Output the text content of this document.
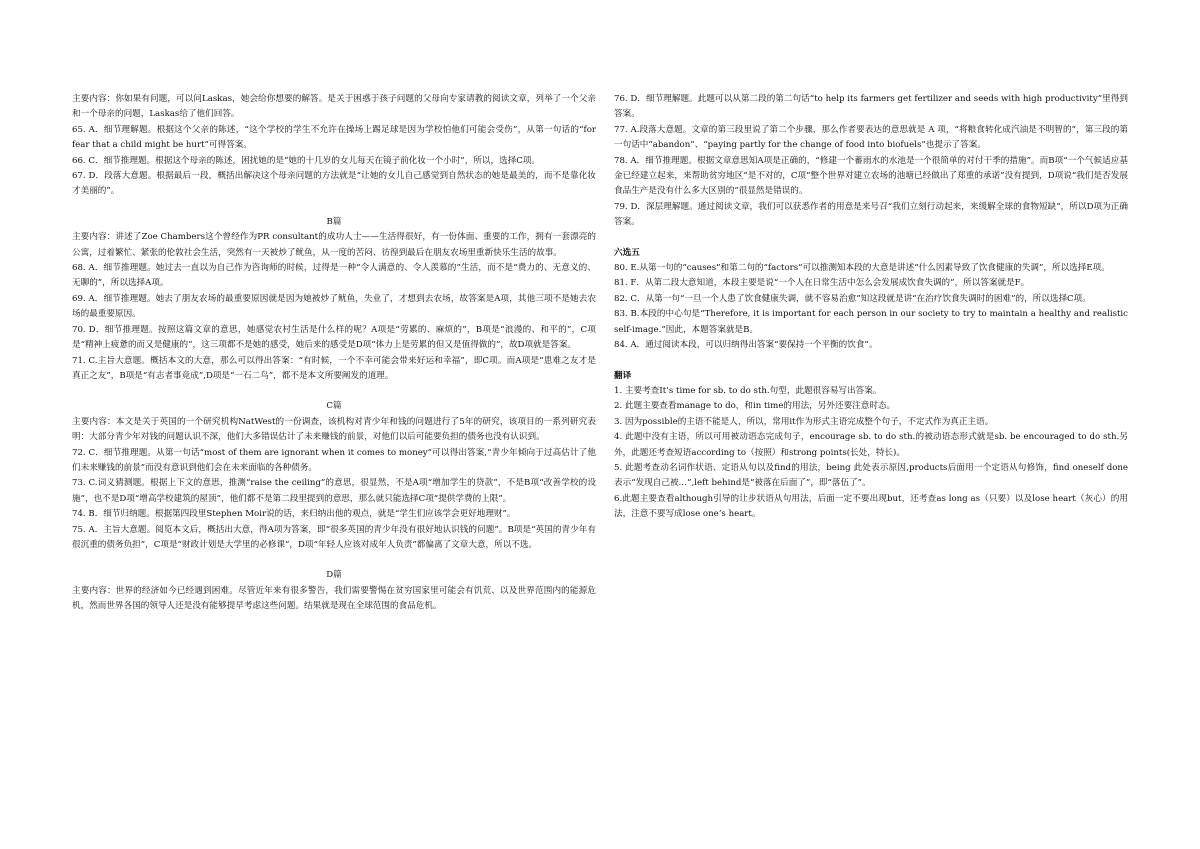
主要内容：你如果有问题，可以问Laskas，她会给你想要的解答。是关于困惑于孩子问题的父母向专家请教的阅读文章，列举了一个父亲和一个母亲的问题，Laskas给了他们回答。

65. A．细节理解题。根据这个父亲的陈述，“这个学校的学生不允许在操场上踢足球是因为学校怕他们可能会受伤”，从第一句话的“for fear that a child might be hurt”可得答案。

66. C．细节推理题。根据这个母亲的陈述，困扰她的是“她的十几岁的女儿每天在镜子前化妆一个小时”，所以，选择C项。

67. D．段落大意题。根据最后一段，概括出解决这个母亲问题的方法就是“让她的女儿自己感觉到自然状态的她是最美的，而不是靠化妆才美丽的”。

B篇

主要内容：讲述了Zoe Chambers这个曾经作为PR consultant的成功人士——生活得很好，有一份体面、重要的工作，拥有一套漂亮的公寓，过着繁忙、紧张的伦敦社会生活，突然有一天被炒了鱿鱼，从一度的苦闷、彷徨到最后在朋友农场里重新快乐生活的故事。

68. A．细节推理题。她过去一直以为自己作为咨询师的时候，过得是一种“令人满意的、令人羡慕的”生活，而不是“费力的、无意义的、无聊的”，所以选择A项。

69. A．细节推理题。她去了朋友农场的最重要原因就是因为她被炒了鱿鱼，失业了，才想到去农场，故答案是A项，其他三项不是她去农场的最重要原因。

70. D．细节推理题。按照这篇文章的意思，她感觉农村生活是什么样的呢？A项是“劳累的、麻烦的”，B项是“浪漫的、和平的”，C项是“精神上疲惫的而又是健康的”，这三项都不是她的感受，她后来的感受是D项“体力上是劳累的但又是值得做的”，故D项就是答案。

71. C.主旨大意题。概括本文的大意，那么可以得出答案：“有时候，一个不幸可能会带来好运和幸福”，即C项。而A项是“患难之友才是真正之友”，B项是“有志者事竟成”,D项是“一石二鸟”，都不是本文所要阐发的道理。

C篇

主要内容：本文是关于英国的一个研究机构NatWest的一份调查，该机构对青少年和钱的问题进行了5年的研究，该项目的一系列研究表明：大部分青少年对钱的问题认识不深，他们大多错误估计了未来赚钱的前景，对他们以后可能要负担的债务也没有认识到。

72. C．细节推理题。从第一句话“most of them are ignorant when it comes to money”可以得出答案,“青少年倾向于过高估计了他们未来赚钱的前景”而没有意识到他们会在未来面临的各种债务。

73. C.词义猜测题。根据上下文的意思，推测“raise the ceiling”的意思，很显然，不是A项“增加学生的贷款”，不是B项“改善学校的设施”，也不是D项“增高学校建筑的屋顶”，他们都不是第二段里提到的意思，那么就只能选择C项“提供学费的上限”。

74. B．细节归纳题。根据第四段里Stephen Moir说的话，来归纳出他的观点，就是“学生们应该学会更好地理财”。

75. A．主旨大意题。阅览本文后，概括出大意，得A项为答案，即“很多英国的青少年没有很好地认识钱的问题”。B项是“英国的青少年有很沉重的债务负担”，C项是“财政计划是大学里的必修课”，D项“年轻人应该对成年人负责”都偏离了文章大意，所以不选。

D篇

主要内容：世界的经济如今已经遇到困难。尽管近年来有很多警告，我们需要警惕在贫穷国家里可能会有饥荒、以及世界范围内的能源危机，然而世界各国的领导人还是没有能够提早考虑这些问题。结果就是现在全球范围的食品危机。

76. D．细节理解题。此题可以从第二段的第二句话“to help its farmers get fertilizer and seeds with high productivity”里得到答案。

77. A.段落大意题。文章的第三段里说了第二个步骤，那么作者要表达的意思就是 A 项，“将粮食转化成汽油是不明智的”，第三段的第一句话中“abandon”、“paying partly for the change of food into biofuels”也提示了答案。

78. A．细节推理题。根据文章意思知A项是正确的，“修建一个蓄雨水的水池是一个很简单的对付干季的措施”。而B项“一个气候适应基金已经建立起来，来帮助贫穷地区”是不对的，C项“整个世界对建立农场的池塘已经做出了郑重的承诺”没有提到，D项说“我们是否发展食品生产是没有什么多大区别的”很显然是错误的。

79. D．深层理解题。通过阅读文章，我们可以获悉作者的用意是来号召“我们立刻行动起来，来缓解全球的食物短缺”，所以D项为正确答案。

六选五

80. E.从第一句的“causes”和第二句的“factors”可以推测知本段的大意是讲述“什么因素导致了饮食健康的失调”，所以选择E项。

81. F．从第二段大意知道，本段主要是说“一个人在日常生活中怎么会发展成饮食失调的”，所以答案就是F。

82. C．从第一句“一旦一个人患了饮食健康失调，就不容易治愈”知这段就是讲“在治疗饮食失调时的困难”的，所以选择C项。

83. B.本段的中心句是“Therefore, it is important for each person in our society to try to maintain a healthy and realistic self-image.”因此，本题答案就是B。

84. A．通过阅读本段，可以归纳得出答案“要保持一个平衡的饮食”。

翻译

1. 主要考查It’s time for sb. to do sth.句型，此题很容易写出答案。

2. 此题主要查看manage to do，和in time的用法，另外还要注意时态。

3. 因为possible的主语不能是人，所以，常用it作为形式主语完成整个句子，不定式作为真正主语。

4. 此题中没有主语，所以可用被动语态完成句子，encourage sb. to do sth.的被动语态形式就是sb. be encouraged to do sth.另外，此题还考查短语according to（按照）和strong points(长处，特长)。

5. 此题考查动名词作状语、定语从句以及find的用法，being 此处表示原因,products后面用一个定语从句修饰，find oneself done表示“发现自己被…”,left behind是“被落在后面了”，即“落伍了”。

6.此题主要查看although引导的让步状语从句用法，后面一定不要出现but，还考查as long as（只要）以及lose heart（灰心）的用法，注意不要写成lose one’s heart。
